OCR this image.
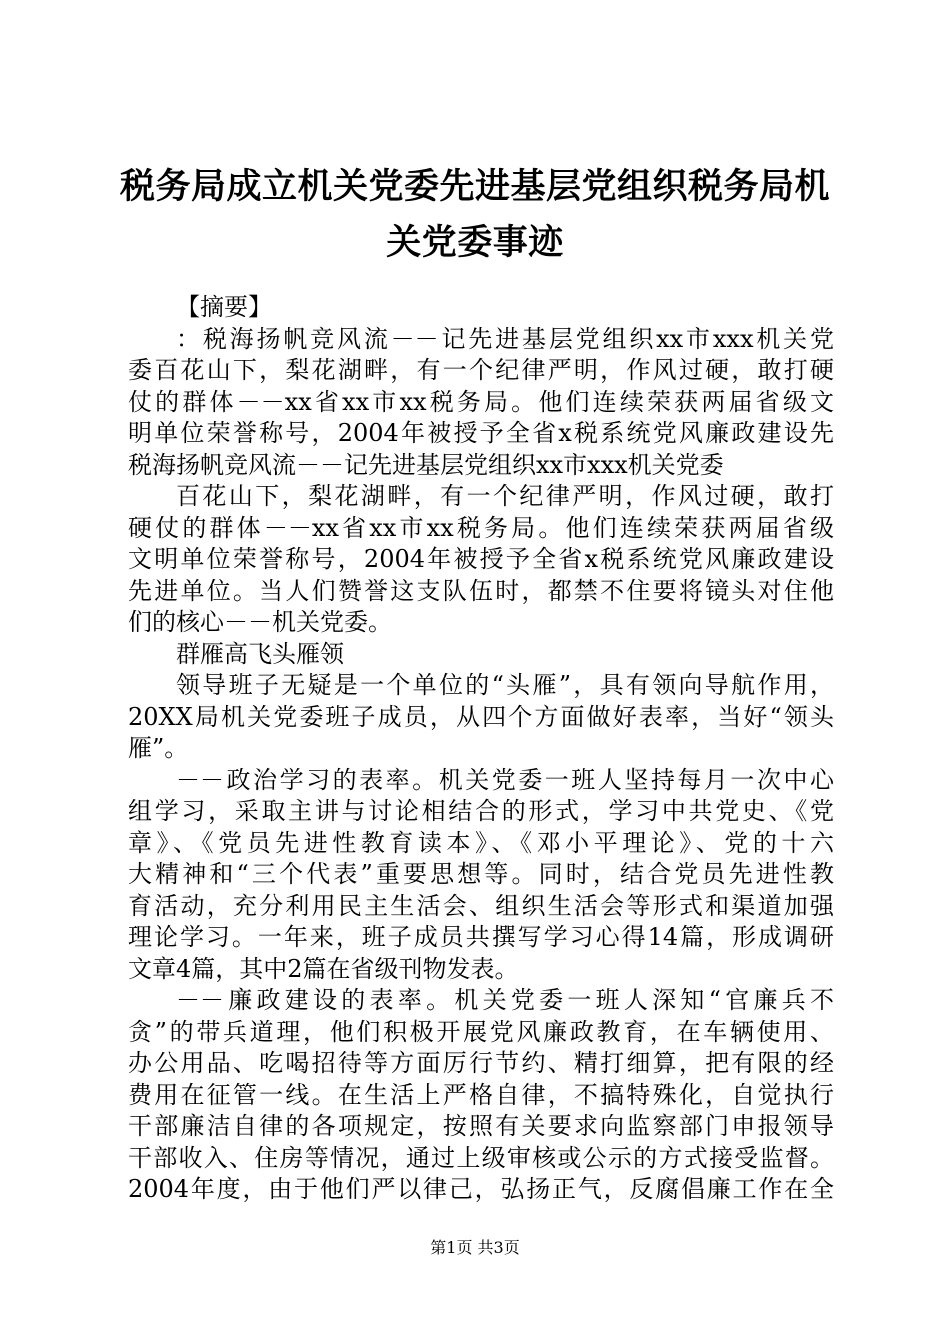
税务局成立机关党委先进基层党组织税务局机
关党委事迹
【摘要】
：税海扬帆竞风流－－记先进基层党组织xx市xxx机关党
委百花山下，梨花湖畔，有一个纪律严明，作风过硬，敢打硬
仗的群体－－xx省xx市xx税务局。他们连续荣获两届省级文
明单位荣誉称号，2004年被授予全省x税系统党风廉政建设先
税海扬帆竞风流－－记先进基层党组织xx市xxx机关党委
百花山下，梨花湖畔，有一个纪律严明，作风过硬，敢打
硬仗的群体－－xx省xx市xx税务局。他们连续荣获两届省级
文明单位荣誉称号，2004年被授予全省x税系统党风廉政建设
先进单位。当人们赞誉这支队伍时，都禁不住要将镜头对住他
们的核心－－机关党委。
群雁高飞头雁领
领导班子无疑是一个单位的“头雁”，具有领向导航作用，
20XX局机关党委班子成员，从四个方面做好表率，当好“领头
雁”。
－－政治学习的表率。机关党委一班人坚持每月一次中心
组学习，采取主讲与讨论相结合的形式，学习中共党史、《党
章》、《党员先进性教育读本》、《邓小平理论》、党的十六
大精神和“三个代表”重要思想等。同时，结合党员先进性教
育活动，充分利用民主生活会、组织生活会等形式和渠道加强
理论学习。一年来，班子成员共撰写学习心得14篇，形成调研
文章4篇，其中2篇在省级刊物发表。
－－廉政建设的表率。机关党委一班人深知“官廉兵不
贪”的带兵道理，他们积极开展党风廉政教育，在车辆使用、
办公用品、吃喝招待等方面厉行节约、精打细算，把有限的经
费用在征管一线。在生活上严格自律，不搞特殊化，自觉执行
干部廉洁自律的各项规定，按照有关要求向监察部门申报领导
干部收入、住房等情况，通过上级审核或公示的方式接受监督。
2004年度，由于他们严以律己，弘扬正气，反腐倡廉工作在全
第1页 共3页
